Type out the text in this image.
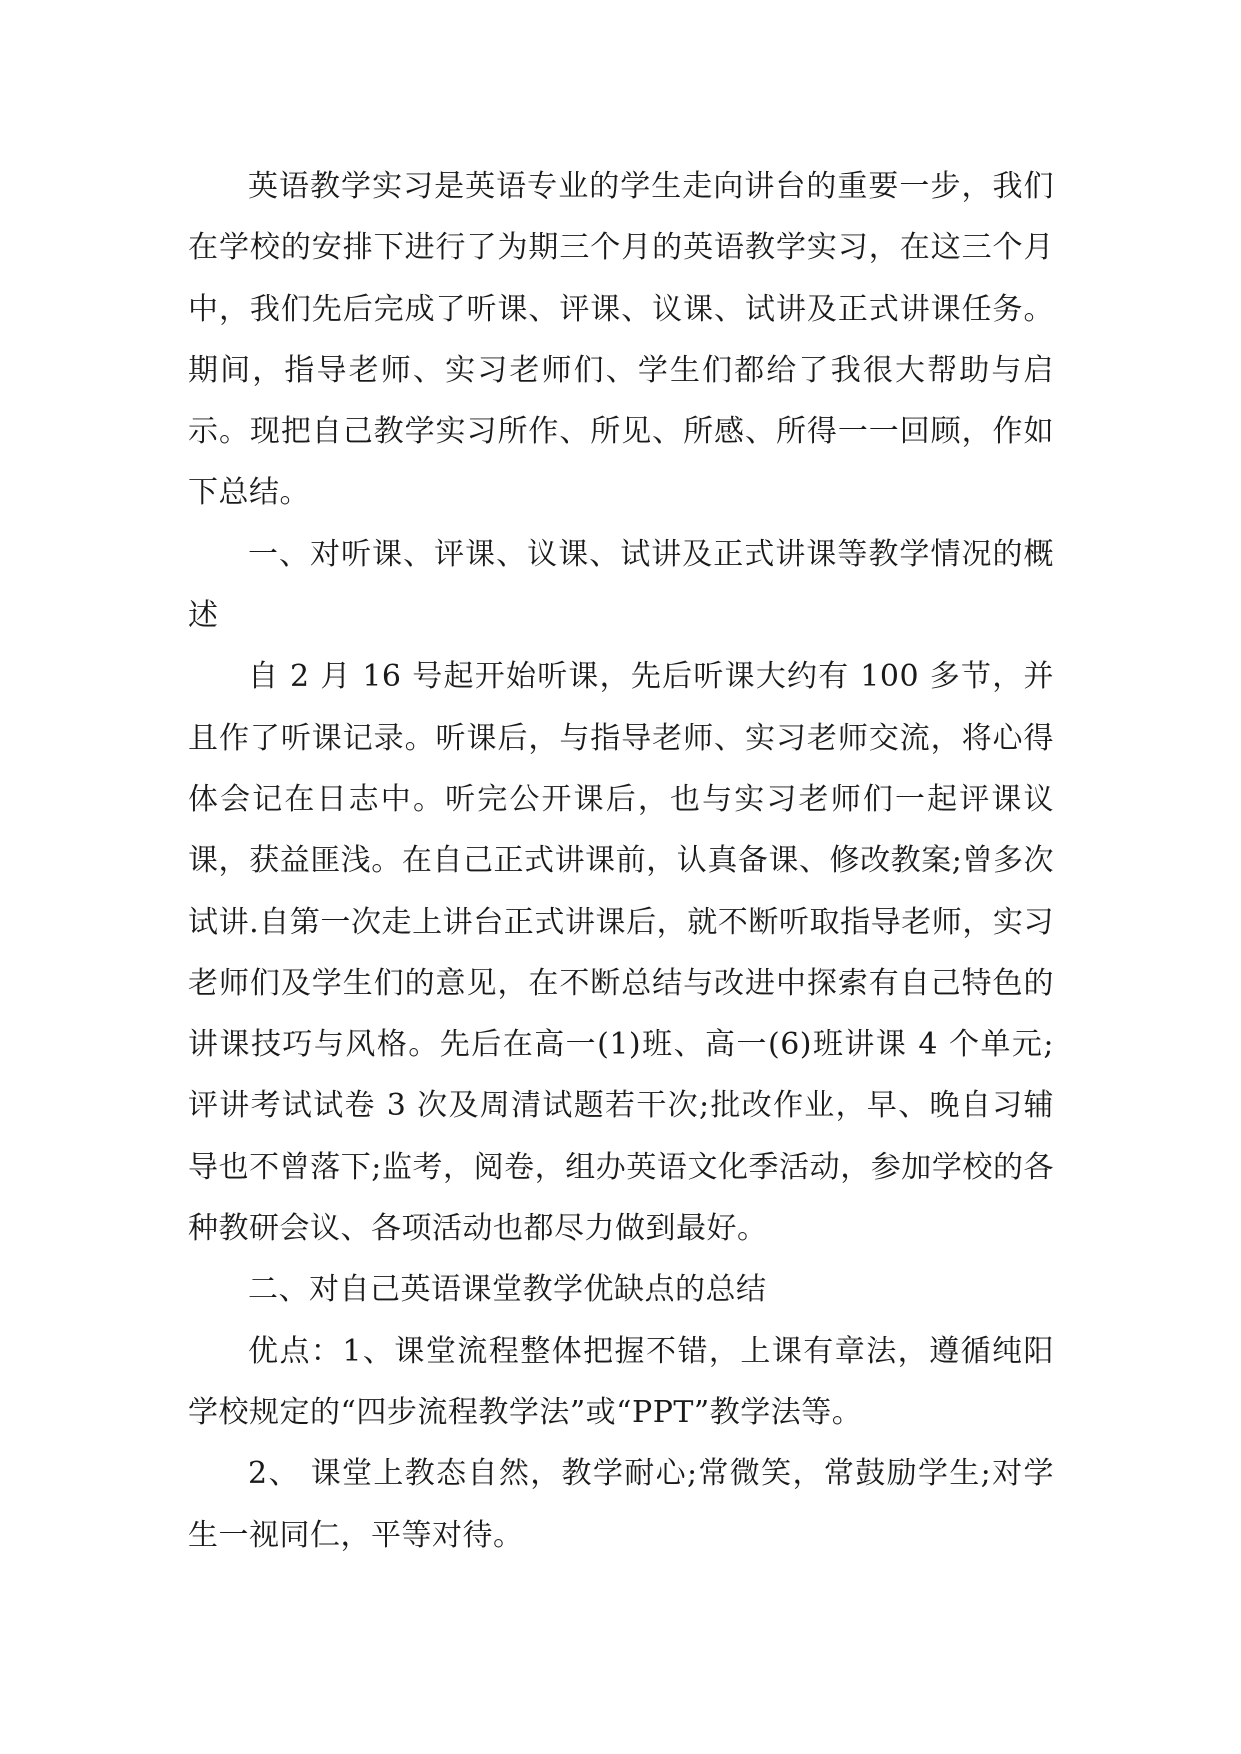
英语教学实习是英语专业的学生走向讲台的重要一步，我们在学校的安排下进行了为期三个月的英语教学实习，在这三个月中，我们先后完成了听课、评课、议课、试讲及正式讲课任务。期间，指导老师、实习老师们、学生们都给了我很大帮助与启示。现把自己教学实习所作、所见、所感、所得一一回顾，作如下总结。

一、对听课、评课、议课、试讲及正式讲课等教学情况的概述

自 2 月 16 号起开始听课，先后听课大约有 100 多节，并且作了听课记录。听课后，与指导老师、实习老师交流，将心得体会记在日志中。听完公开课后，也与实习老师们一起评课议课，获益匪浅。在自己正式讲课前，认真备课、修改教案;曾多次试讲.自第一次走上讲台正式讲课后，就不断听取指导老师，实习老师们及学生们的意见，在不断总结与改进中探索有自己特色的讲课技巧与风格。先后在高一(1)班、高一(6)班讲课 4 个单元;评讲考试试卷 3 次及周清试题若干次;批改作业，早、晚自习辅导也不曾落下;监考，阅卷，组办英语文化季活动，参加学校的各种教研会议、各项活动也都尽力做到最好。

二、对自己英语课堂教学优缺点的总结

优点：1、课堂流程整体把握不错，上课有章法，遵循纯阳学校规定的“四步流程教学法”或“PPT”教学法等。

2、 课堂上教态自然，教学耐心;常微笑，常鼓励学生;对学生一视同仁，平等对待。
